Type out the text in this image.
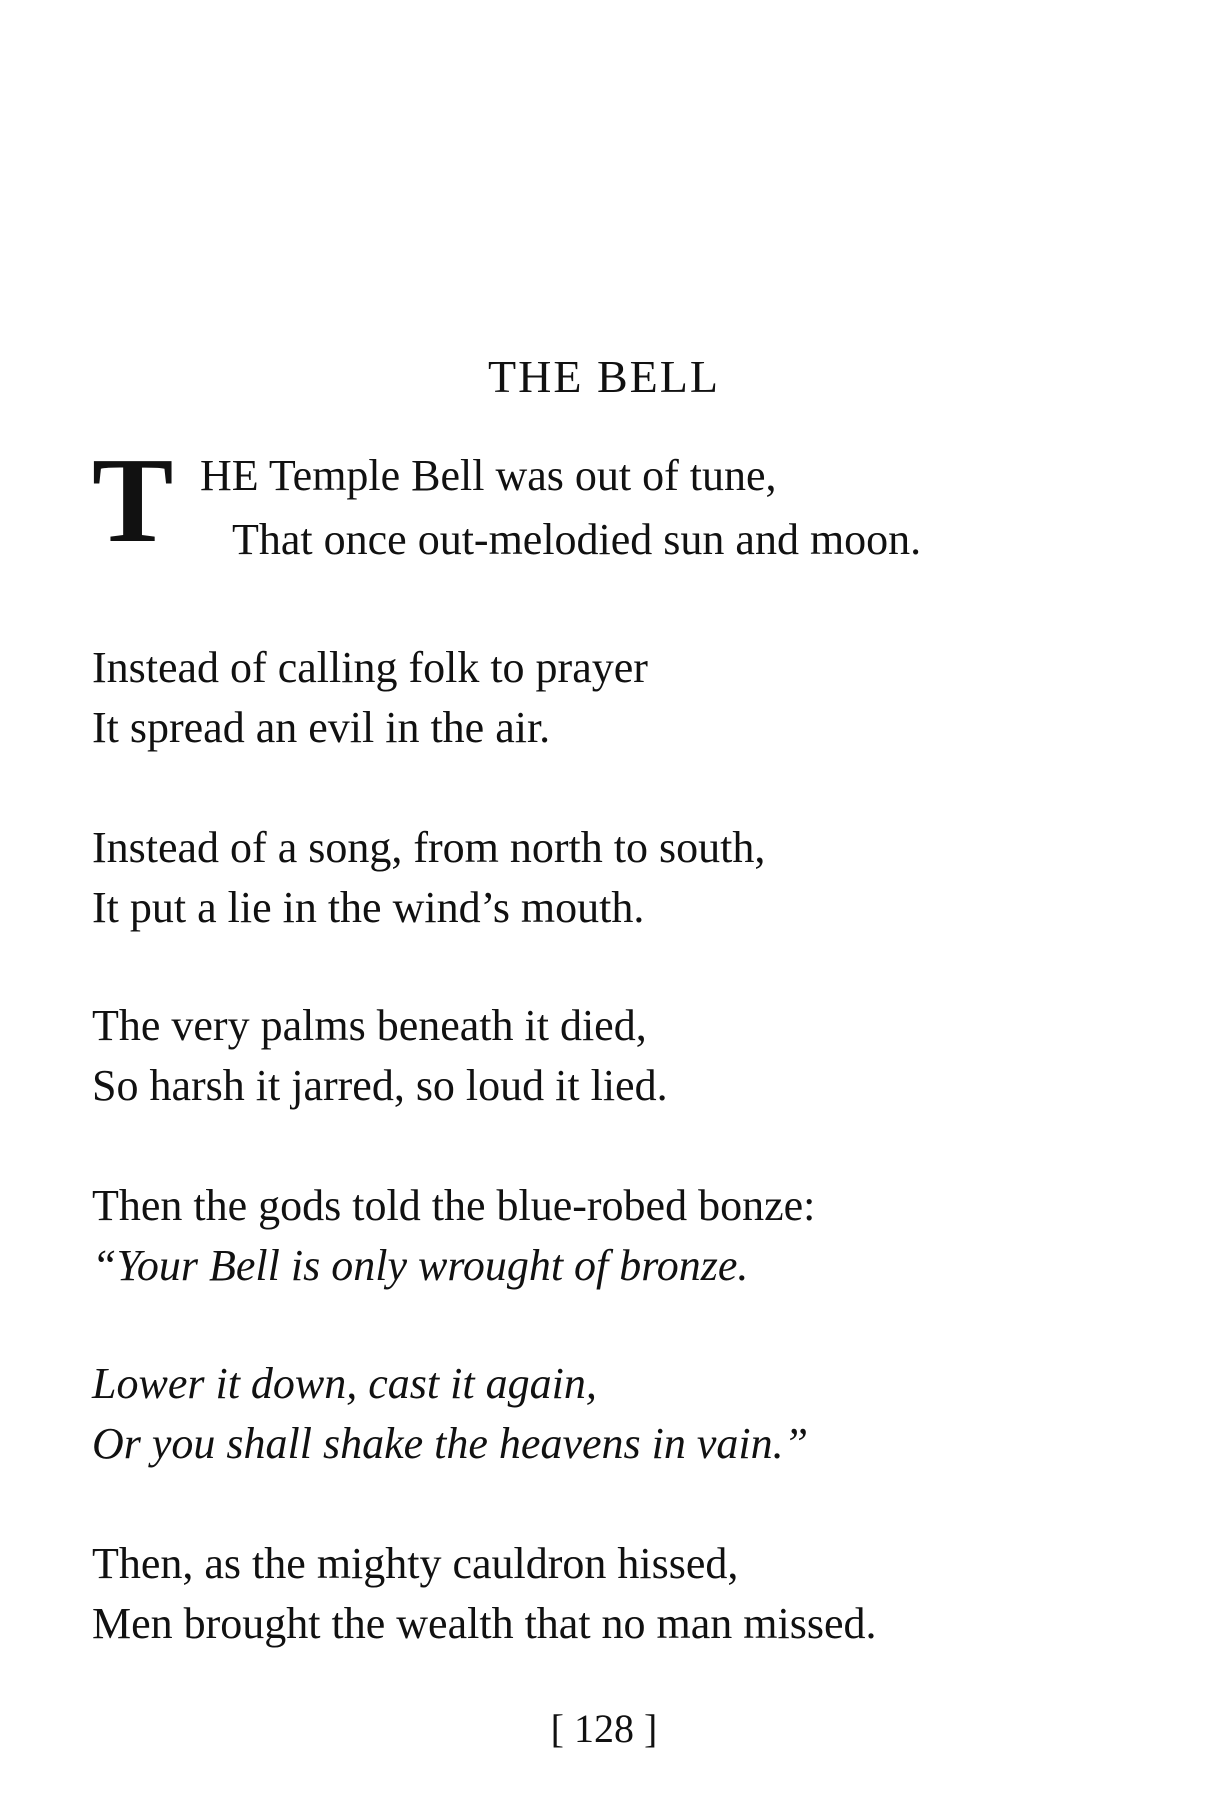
THE BELL
T HE Temple Bell was out of tune,
That once out-melodied sun and moon.
Instead of calling folk to prayer
It spread an evil in the air.
Instead of a song, from north to south,
It put a lie in the wind’s mouth.
The very palms beneath it died,
So harsh it jarred, so loud it lied.
Then the gods told the blue-robed bonze:
“Your Bell is only wrought of bronze.
Lower it down, cast it again,
Or you shall shake the heavens in vain.”
Then, as the mighty cauldron hissed,
Men brought the wealth that no man missed.
[ 128 ]
